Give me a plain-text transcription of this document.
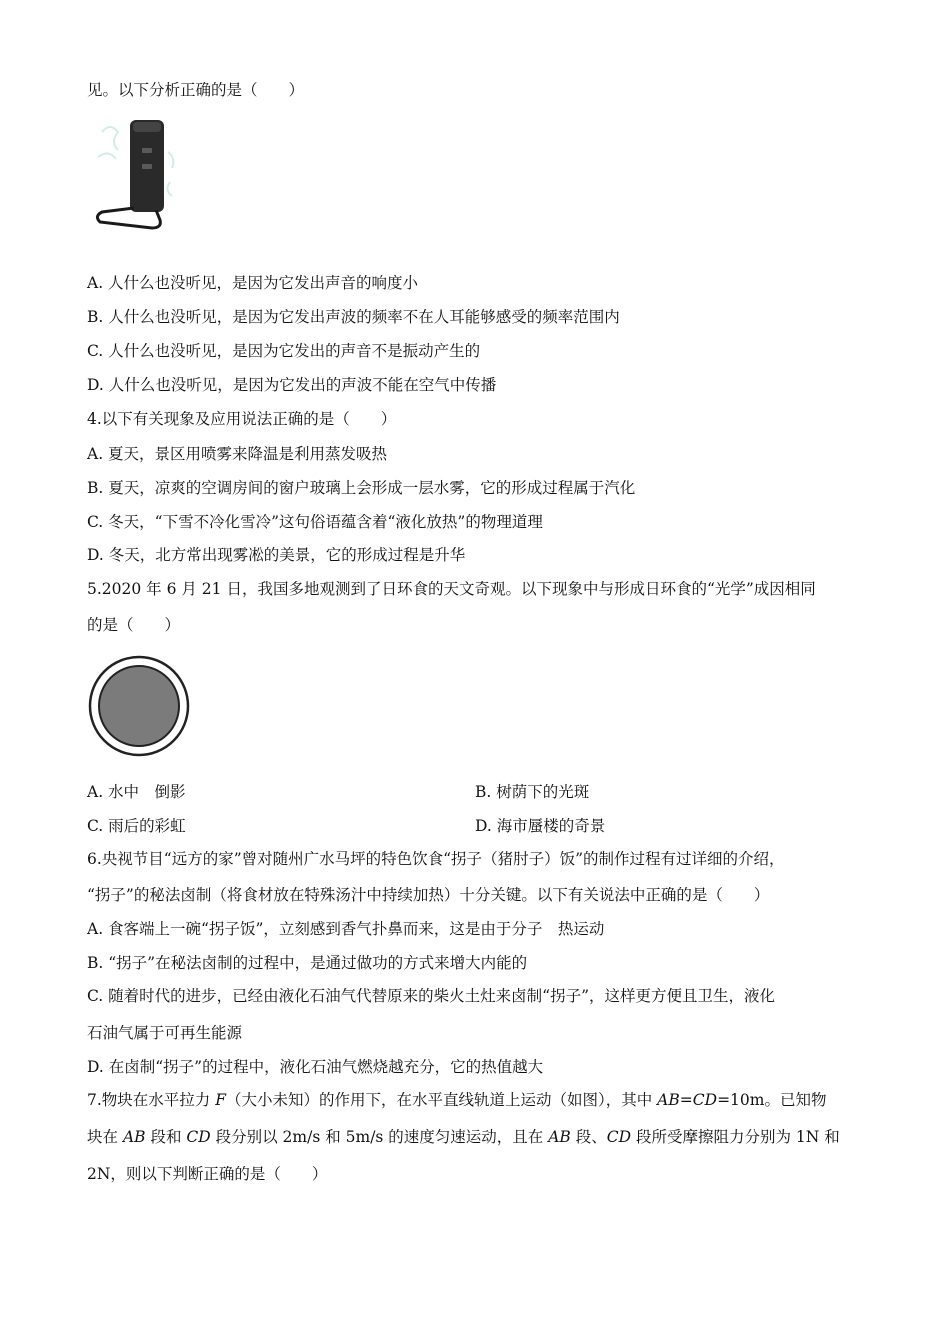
见。以下分析正确的是（　　）
A. 人什么也没听见，是因为它发出声音的响度小
B. 人什么也没听见，是因为它发出声波的频率不在人耳能够感受的频率范围内
C. 人什么也没听见，是因为它发出的声音不是振动产生的
D. 人什么也没听见，是因为它发出的声波不能在空气中传播
4.以下有关现象及应用说法正确的是（　　）
A. 夏天，景区用喷雾来降温是利用蒸发吸热
B. 夏天，凉爽的空调房间的窗户玻璃上会形成一层水雾，它的形成过程属于汽化
C. 冬天，“下雪不冷化雪冷”这句俗语蕴含着“液化放热”的物理道理
D. 冬天，北方常出现雾凇的美景，它的形成过程是升华
5.2020 年 6 月 21 日，我国多地观测到了日环食的天文奇观。以下现象中与形成日环食的“光学”成因相同
的是（　　）
A. 水中　倒影	B. 树荫下的光斑
C. 雨后的彩虹	D. 海市蜃楼的奇景
6.央视节目“远方的家”曾对随州广水马坪的特色饮食“拐子（猪肘子）饭”的制作过程有过详细的介绍，
“拐子”的秘法卤制（将食材放在特殊汤汁中持续加热）十分关键。以下有关说法中正确的是（　　）
A. 食客端上一碗“拐子饭”，立刻感到香气扑鼻而来，这是由于分子　热运动
B. “拐子”在秘法卤制的过程中，是通过做功的方式来增大内能的
C. 随着时代的进步，已经由液化石油气代替原来的柴火土灶来卤制“拐子”，这样更方便且卫生，液化
石油气属于可再生能源
D. 在卤制“拐子”的过程中，液化石油气燃烧越充分，它的热值越大
7.物块在水平拉力 F（大小未知）的作用下，在水平直线轨道上运动（如图），其中 AB=CD=10m。已知物
块在 AB 段和 CD 段分别以 2m/s 和 5m/s 的速度匀速运动，且在 AB 段、CD 段所受摩擦阻力分别为 1N 和
2N，则以下判断正确的是（　　）
